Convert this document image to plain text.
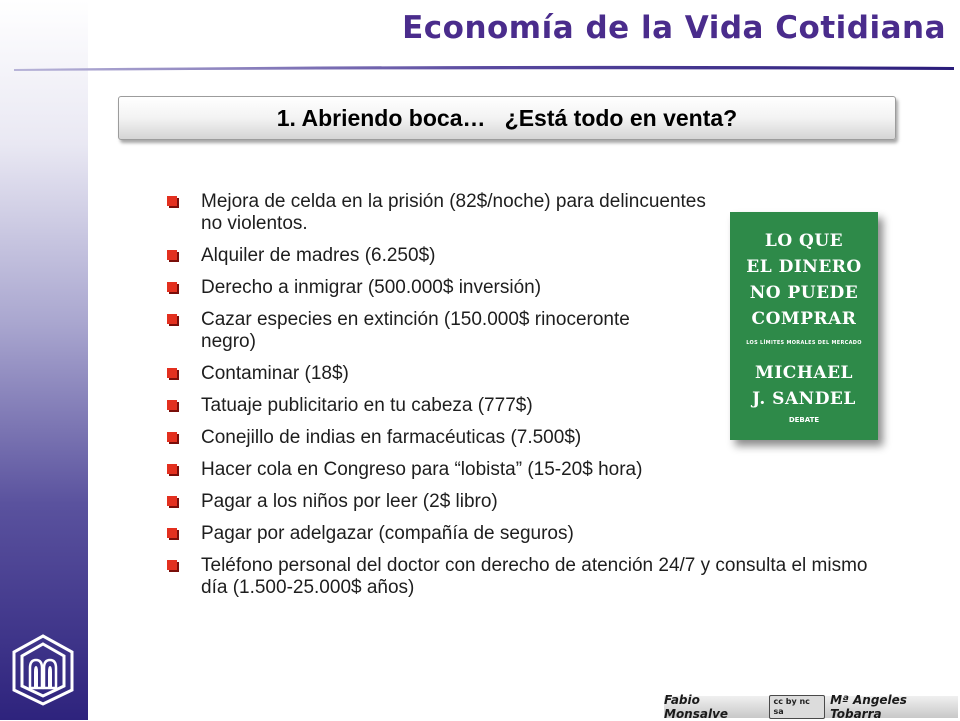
Economía de la Vida Cotidiana
1. Abriendo boca…   ¿Está todo en venta?
Mejora de celda en la prisión (82$/noche) para delincuentes no violentos.
Alquiler de madres (6.250$)
Derecho a inmigrar (500.000$ inversión)
Cazar especies en extinción (150.000$ rinoceronte negro)
Contaminar (18$)
Tatuaje publicitario en tu cabeza (777$)
Conejillo de indias en farmacéuticas (7.500$)
Hacer cola en Congreso para “lobista” (15-20$ hora)
Pagar a los niños por leer (2$ libro)
Pagar por adelgazar (compañía de seguros)
Teléfono personal del doctor con derecho de atención 24/7 y consulta el mismo día (1.500-25.000$ años)
LO QUE
EL DINERO
NO PUEDE
COMPRAR
LOS LÍMITES MORALES DEL MERCADO
MICHAEL
J. SANDEL
DEBATE
Fabio Monsalve
cc by nc sa
Mª Angeles Tobarra
